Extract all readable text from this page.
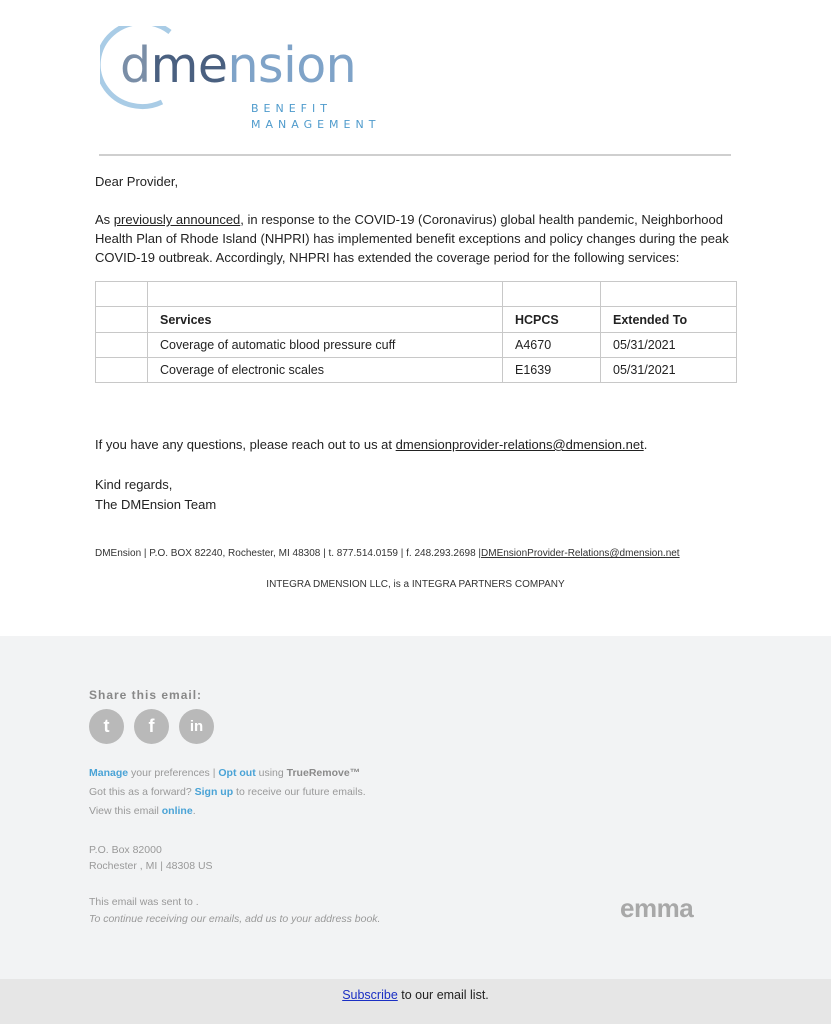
dmension
BENEFIT
MANAGEMENT
Dear Provider,
As previously announced, in response to the COVID-19 (Coronavirus) global health pandemic, Neighborhood Health Plan of Rhode Island (NHPRI) has implemented benefit exceptions and policy changes during the peak COVID-19 outbreak. Accordingly, NHPRI has extended the coverage period for the following services:

	Services	HCPCS	Extended To
	Coverage of automatic blood pressure cuff	A4670	05/31/2021
	Coverage of electronic scales	E1639	05/31/2021
If you have any questions, please reach out to us at dmensionprovider-relations@dmension.net.
Kind regards,
The DMEnsion Team
DMEnsion | P.O. BOX 82240, Rochester, MI 48308 | t. 877.514.0159 | f. 248.293.2698 |DMEnsionProvider-Relations@dmension.net
INTEGRA DMENSION LLC, is a INTEGRA PARTNERS COMPANY
Share this email:
t	f	in
Manage your preferences | Opt out using TrueRemove™
Got this as a forward? Sign up to receive our future emails.
View this email online.
P.O. Box 82000
Rochester , MI | 48308 US
This email was sent to .
To continue receiving our emails, add us to your address book.	emma
Subscribe to our email list.
